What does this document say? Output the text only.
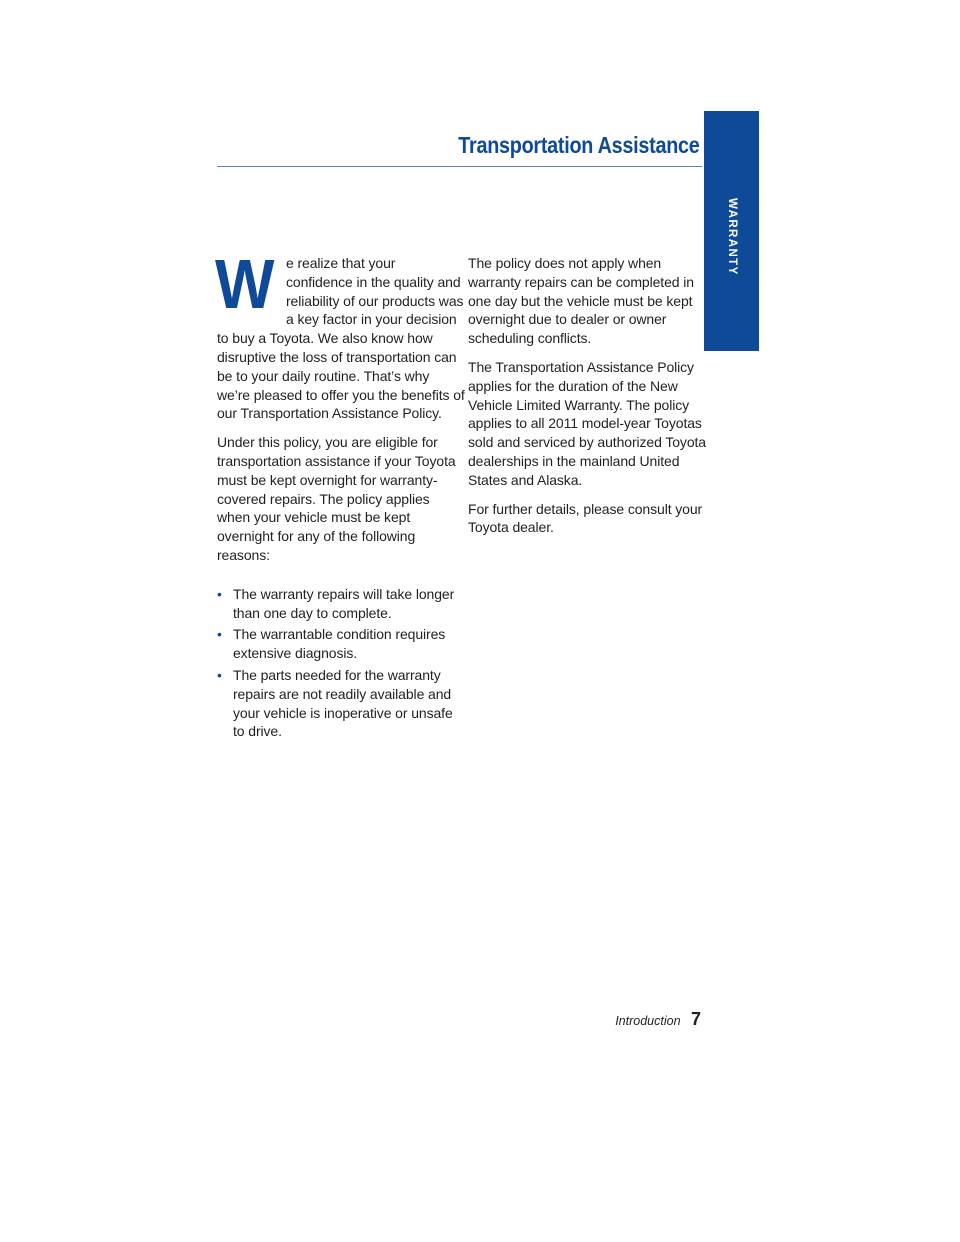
WARRANTY
Transportation Assistance

We realize that your confidence in the quality and reliability of our products was a key factor in your decision to buy a Toyota. We also know how disruptive the loss of transportation can be to your daily routine. That’s why we’re pleased to offer you the benefits of our Transportation Assistance Policy.

Under this policy, you are eligible for transportation assistance if your Toyota must be kept overnight for warranty-covered repairs. The policy applies when your vehicle must be kept overnight for any of the following reasons:

• The warranty repairs will take longer than one day to complete.
• The warrantable condition requires extensive diagnosis.
• The parts needed for the warranty repairs are not readily available and your vehicle is inoperative or unsafe to drive.

The policy does not apply when warranty repairs can be completed in one day but the vehicle must be kept overnight due to dealer or owner scheduling conflicts.

The Transportation Assistance Policy applies for the duration of the New Vehicle Limited Warranty. The policy applies to all 2011 model-year Toyotas sold and serviced by authorized Toyota dealerships in the mainland United States and Alaska.

For further details, please consult your Toyota dealer.

Introduction 7
